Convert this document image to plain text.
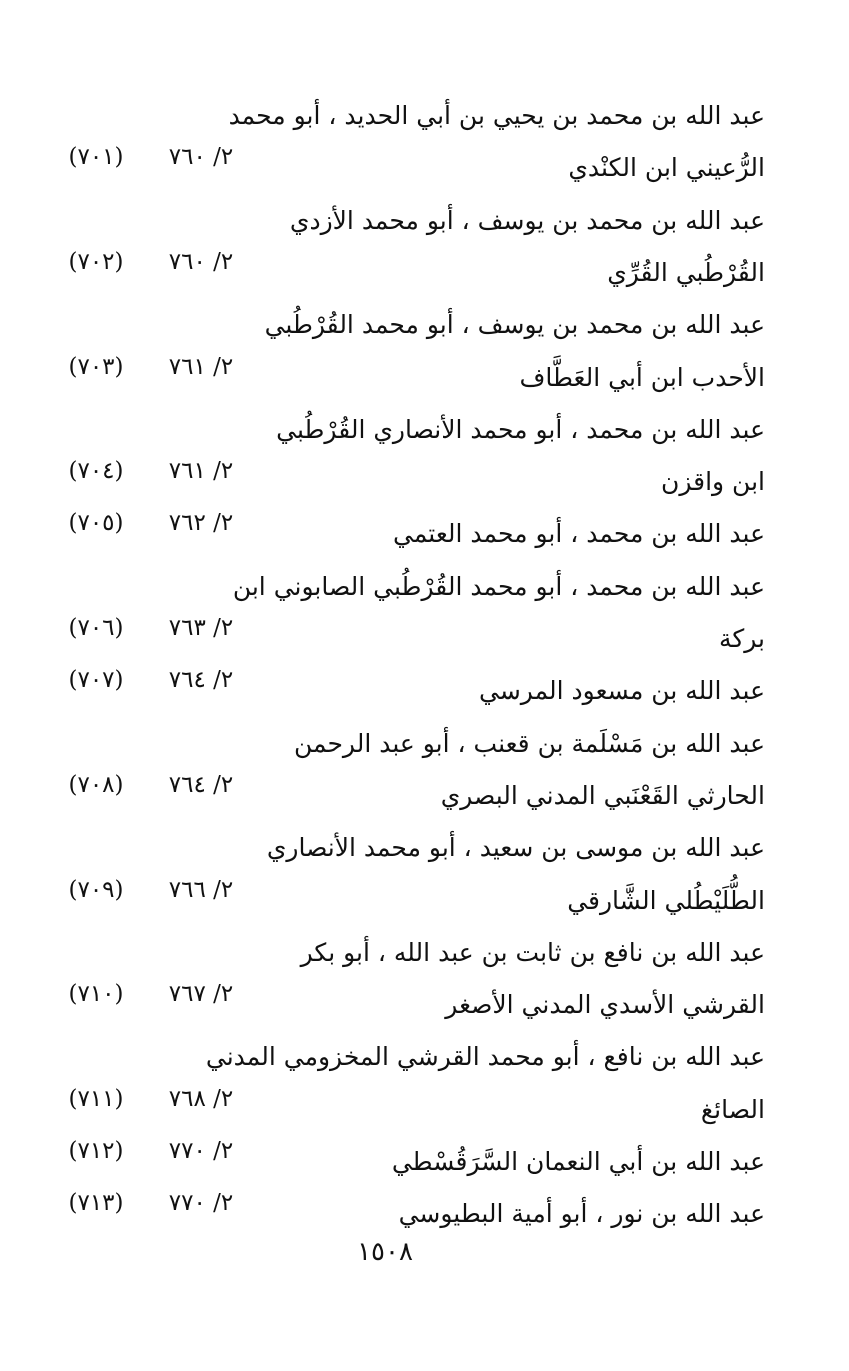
عبد الله بن محمد بن يحيي بن أبي الحديد ، أبو محمد
الرُّعيني ابن الكنْدي
٢/ ٧٦٠
(٧٠١)
عبد الله بن محمد بن يوسف ، أبو محمد الأزدي
القُرْطُبي القُرِّي
٢/ ٧٦٠
(٧٠٢)
عبد الله بن محمد بن يوسف ، أبو محمد القُرْطُبي
الأحدب ابن أبي العَطَّاف
٢/ ٧٦١
(٧٠٣)
عبد الله بن محمد ، أبو محمد الأنصاري القُرْطُبي
ابن واقزن
٢/ ٧٦١
(٧٠٤)
عبد الله بن محمد ، أبو محمد العتمي
٢/ ٧٦٢
(٧٠٥)
عبد الله بن محمد ، أبو محمد القُرْطُبي الصابوني ابن
بركة
٢/ ٧٦٣
(٧٠٦)
عبد الله بن مسعود المرسي
٢/ ٧٦٤
(٧٠٧)
عبد الله بن مَسْلَمة بن قعنب ، أبو عبد الرحمن
الحارثي القَعْنَبي المدني البصري
٢/ ٧٦٤
(٧٠٨)
عبد الله بن موسى بن سعيد ، أبو محمد الأنصاري
الطُّلَيْطُلي الشَّارقي
٢/ ٧٦٦
(٧٠٩)
عبد الله بن نافع بن ثابت بن عبد الله ، أبو بكر
القرشي الأسدي المدني الأصغر
٢/ ٧٦٧
(٧١٠)
عبد الله بن نافع ، أبو محمد القرشي المخزومي المدني
الصائغ
٢/ ٧٦٨
(٧١١)
عبد الله بن أبي النعمان السَّرَقُسْطي
٢/ ٧٧٠
(٧١٢)
عبد الله بن نور ، أبو أمية البطيوسي
٢/ ٧٧٠
(٧١٣)
١٥٠٨
